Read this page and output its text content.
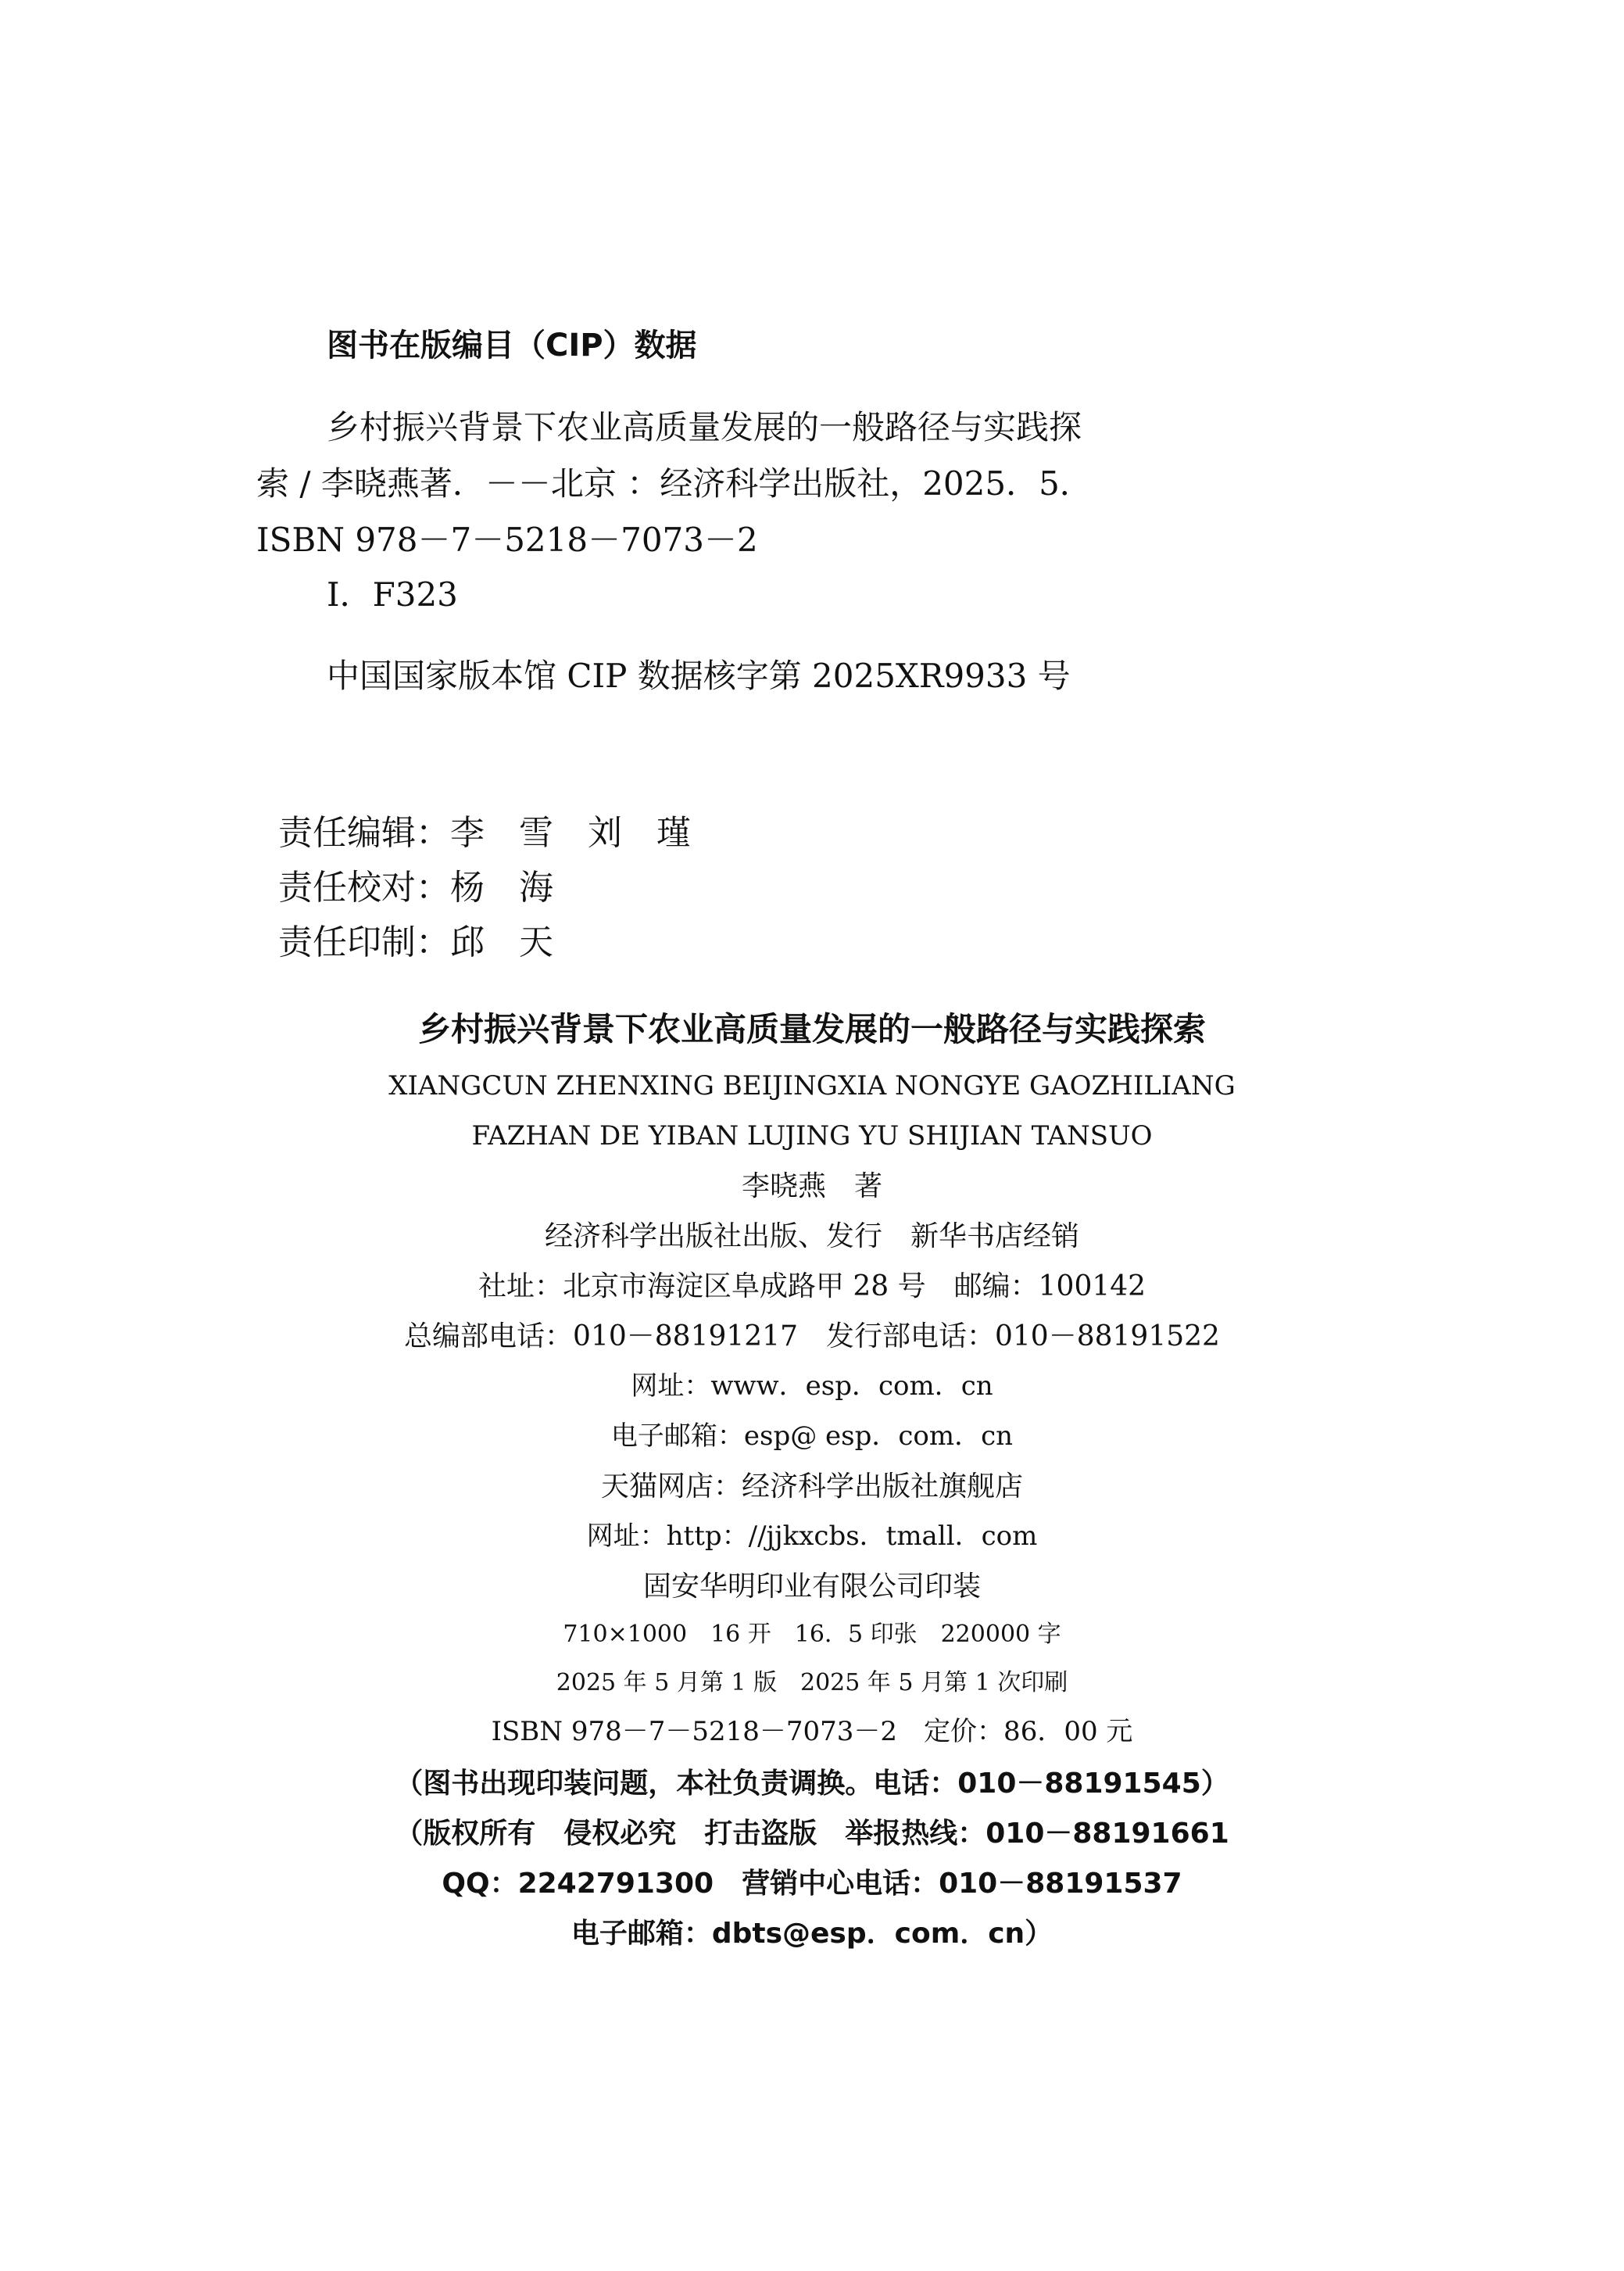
图书在版编目（CIP）数据
乡村振兴背景下农业高质量发展的一般路径与实践探
索 / 李晓燕著．－－北京 ：经济科学出版社，2025．5．
ISBN 978－7－5218－7073－2
Ⅰ．F323
中国国家版本馆 CIP 数据核字第 2025XR9933 号

责任编辑：李　雪　刘　瑾

责任校对：杨　海

责任印制：邱　天

乡村振兴背景下农业高质量发展的一般路径与实践探索
XIANGCUN ZHENXING BEIJINGXIA NONGYE GAOZHILIANG
FAZHAN DE YIBAN LUJING YU SHIJIAN TANSUO
李晓燕　著
经济科学出版社出版、发行　新华书店经销
社址：北京市海淀区阜成路甲 28 号　邮编：100142
总编部电话：010－88191217　发行部电话：010－88191522
网址：www．esp．com．cn
电子邮箱：esp@ esp．com．cn
天猫网店：经济科学出版社旗舰店
网址：http：//jjkxcbs．tmall．com
固安华明印业有限公司印装
710×1000　16 开　16．5 印张　220000 字
2025 年 5 月第 1 版　2025 年 5 月第 1 次印刷
ISBN 978－7－5218－7073－2　定价：86．00 元
（图书出现印装问题，本社负责调换。电话：010－88191545）
（版权所有　侵权必究　打击盗版　举报热线：010－88191661
QQ：2242791300　营销中心电话：010－88191537
电子邮箱：dbts@esp．com．cn）
